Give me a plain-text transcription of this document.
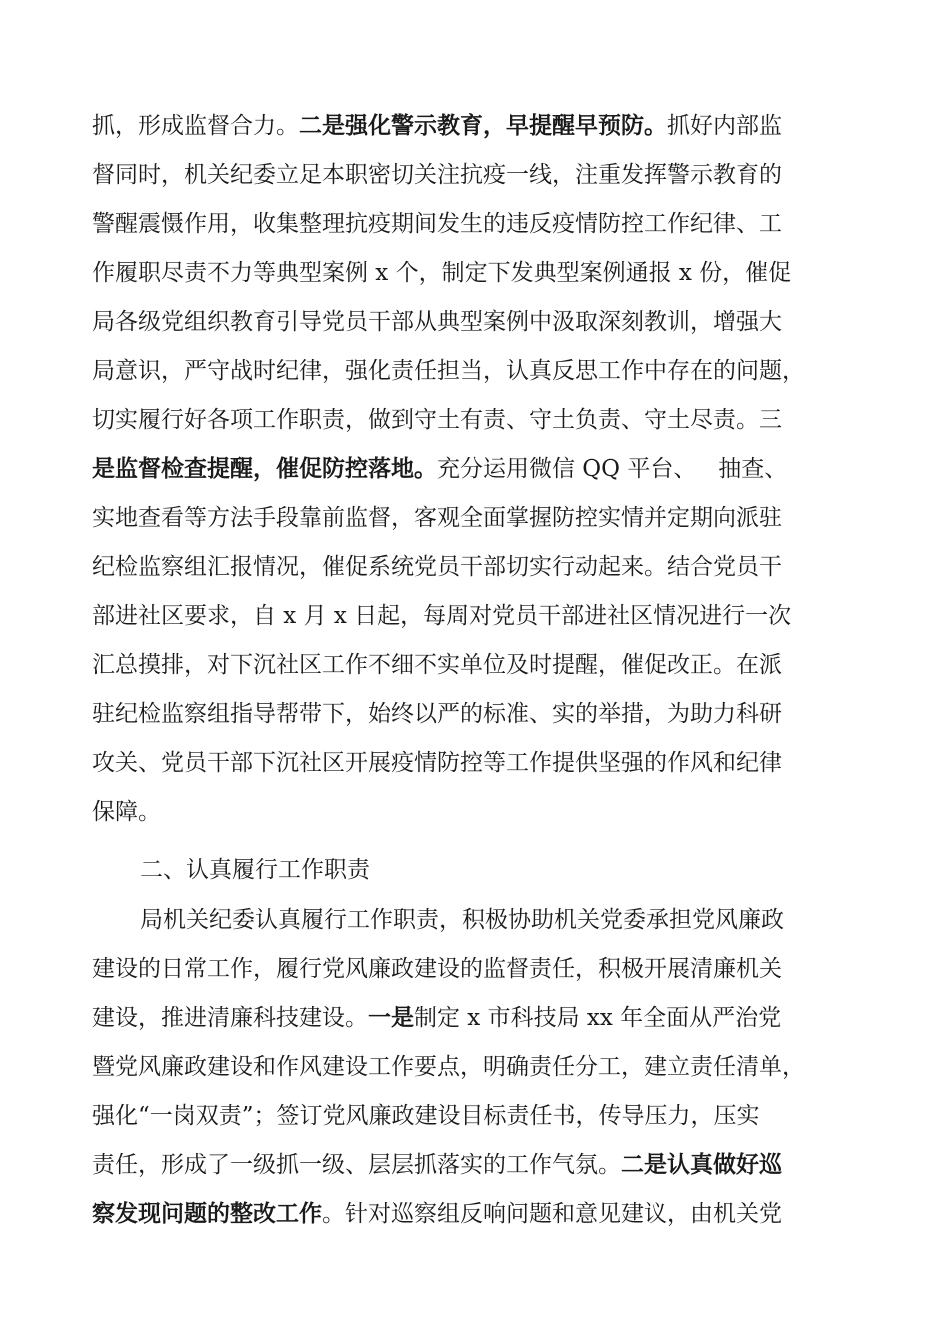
抓，形成监督合力。二是强化警示教育，早提醒早预防。抓好内部监
督同时，机关纪委立足本职密切关注抗疫一线，注重发挥警示教育的
警醒震慑作用，收集整理抗疫期间发生的违反疫情防控工作纪律、工
作履职尽责不力等典型案例 x 个，制定下发典型案例通报 x 份，催促
局各级党组织教育引导党员干部从典型案例中汲取深刻教训，增强大
局意识，严守战时纪律，强化责任担当，认真反思工作中存在的问题，
切实履行好各项工作职责，做到守土有责、守土负责、守土尽责。三
是监督检查提醒，催促防控落地。充分运用微信 QQ 平台、   抽查、
实地查看等方法手段靠前监督，客观全面掌握防控实情并定期向派驻
纪检监察组汇报情况，催促系统党员干部切实行动起来。结合党员干
部进社区要求，自 x 月 x 日起，每周对党员干部进社区情况进行一次
汇总摸排，对下沉社区工作不细不实单位及时提醒，催促改正。在派
驻纪检监察组指导帮带下，始终以严的标准、实的举措，为助力科研
攻关、党员干部下沉社区开展疫情防控等工作提供坚强的作风和纪律
保障。
二、认真履行工作职责
局机关纪委认真履行工作职责，积极协助机关党委承担党风廉政
建设的日常工作，履行党风廉政建设的监督责任，积极开展清廉机关
建设，推进清廉科技建设。一是制定 x 市科技局 xx 年全面从严治党
暨党风廉政建设和作风建设工作要点，明确责任分工，建立责任清单，
强化“一岗双责”；签订党风廉政建设目标责任书，传导压力，压实
责任，形成了一级抓一级、层层抓落实的工作气氛。二是认真做好巡
察发现问题的整改工作。针对巡察组反响问题和意见建议，由机关党
